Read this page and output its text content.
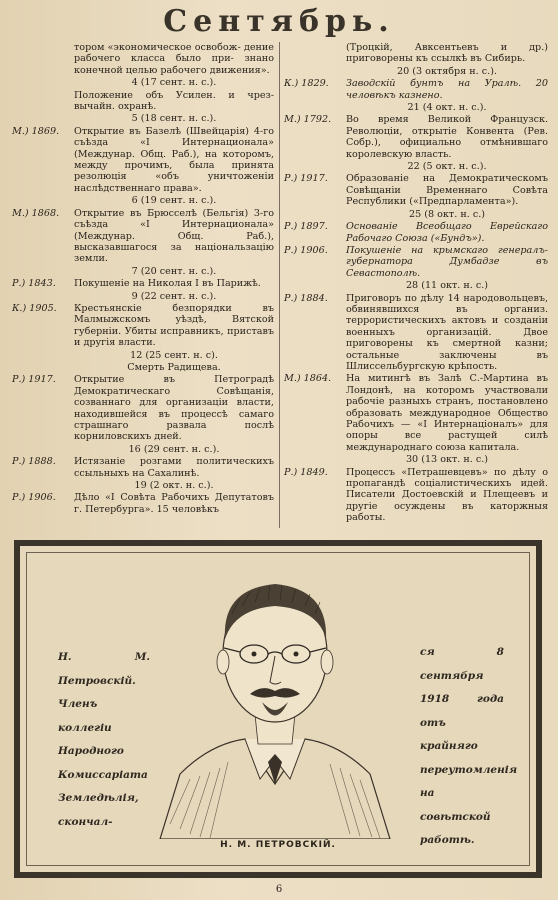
Сентябрь.
тором «экономическое освобож- дение рабочего класса было при- знано конечной целью рабочего движения».
4 (17 сент. н. с.).
Положение объ Усилен. и чрез-вычайн. охранѣ.
5 (18 сент. н. с.).
М.) 1869.	Открытие въ Базелѣ (Швейцарія) 4-го съѣзда «I Интернационала» (Междунар. Общ. Раб.), на которомъ, между прочимъ, была принята резолюція «объ уничтоженіи наслѣдственнаго права».
6 (19 сент. н. с.).
М.) 1868.	Открытие въ Брюсселѣ (Бельгія) 3-го съѣзда «I Интернационала» (Междунар. Общ. Раб.), высказавшагося за національзацію земли.
7 (20 сент. н. с.).
Р.) 1843.	Покушеніе на Николая I въ Парижѣ.
9 (22 сент. н. с.).
К.) 1905.	Крестьянскіе безпорядки въ Малмыжскомъ уѣздѣ, Вятской губерніи. Убиты исправникъ, приставъ и другія власти.
12 (25 сент. н. с).
Смерть Радищева.
Р.) 1917.	Открытие въ Петроградѣ Демократическаго Совѣщанія, созваннаго для организаціи власти, находившейся въ процессѣ самаго страшнаго развала послѣ корниловскихъ дней.
16 (29 сент. н. с.).
Р.) 1888.	Истязаніе розгами политическихъ ссыльныхъ на Сахалинѣ.
19 (2 окт. н. с.).
Р.) 1906.	Дѣло «I Совѣта Рабочихъ Депутатовъ г. Петербурга». 15 человѣкъ
(Троцкій, Авксентьевъ и др.) приговорены къ ссылкѣ въ Сибирь.
20 (3 октября н. с.).
К.) 1829.	Заводскій бунтъ на Уралѣ. 20 человѣкъ казнено.
21 (4 окт. н. с.).
М.) 1792.	Во время Великой Французск. Революціи, открытіе Конвента (Рев. Собр.), официально отмѣнившаго королевскую власть.
22 (5 окт. н. с.).
Р.) 1917.	Образованіе на Демократическомъ Совѣщаніи Временнаго Совѣта Республики («Предпарламента»).
25 (8 окт. н. с.)
Р.) 1897.	Основаніе Всеобщаго Еврейскаго Рабочаго Союза («Бундъ»).
Р.) 1906.	Покушеніе на крымскаго генералъ-губернатора Думбадзе въ Севастополѣ.
28 (11 окт. н. с.)
Р.) 1884.	Приговоръ по дѣлу 14 народовольцевъ, обвинявшихся въ организ. террористическихъ актовъ и созданіи военныхъ организацій. Двое приговорены къ смертной казни; остальные заключены въ Шлиссельбургскую крѣпость.
М.) 1864.	На митингѣ въ Залѣ С.-Мартина въ Лондонѣ, на которомъ участвовали рабочіе разныхъ странъ, постановлено образовать международное Общество Рабочихъ — «I Интернаціоналъ» для опоры все растущей силѣ международнаго союза капитала.
30 (13 окт. н. с.)
Р.) 1849.	Процессъ «Петрашевцевъ» по дѣлу о пропагандѣ соціалистическихъ идей. Писатели Достоевскій и Плещеевъ и другіе осуждены въ каторжныя работы.
Н. М. Петровскій. Членъ коллегіи Народного Комиссаріата Земледѣлія, скончал-
ся 8 сентября 1918 года отъ крайняго переутомленія на совѣтской работѣ.
Н. М. ПЕТРОВСКІЙ.
6
